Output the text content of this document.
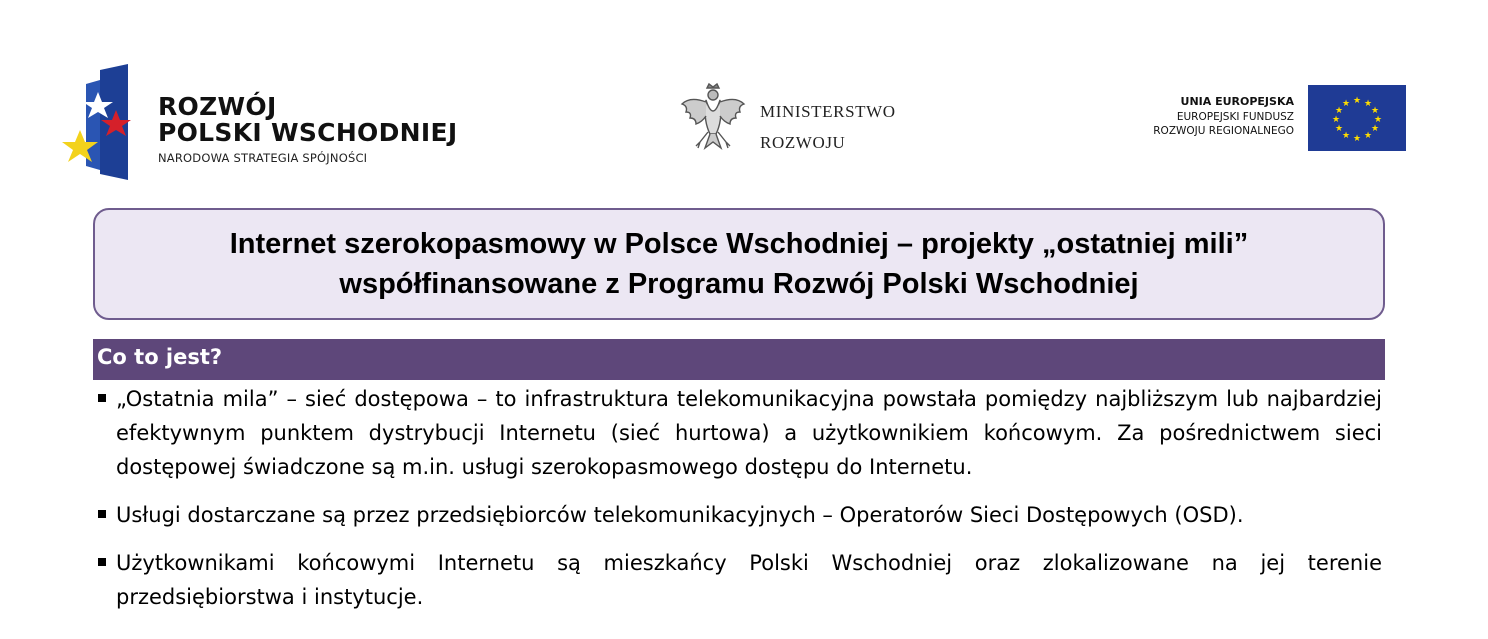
ROZWÓJ
POLSKI WSCHODNIEJ
NARODOWA STRATEGIA SPÓJNOŚCI
MINISTERSTWO
ROZWOJU
UNIA EUROPEJSKA
EUROPEJSKI FUNDUSZ
ROZWOJU REGIONALNEGO
★ ★
★
★
★
★
★
★
★
★
★
★
Internet szerokopasmowy w Polsce Wschodniej – projekty „ostatniej mili”
współfinansowane z Programu Rozwój Polski Wschodniej
Co to jest?
„Ostatnia mila” – sieć dostępowa – to infrastruktura telekomunikacyjna powstała pomiędzy najbliższym lub najbardziej efektywnym punktem dystrybucji Internetu (sieć hurtowa) a użytkownikiem końcowym. Za pośrednictwem sieci dostępowej świadczone są m.in. usługi szerokopasmowego dostępu do Internetu.
Usługi dostarczane są przez przedsiębiorców telekomunikacyjnych – Operatorów Sieci Dostępowych (OSD).
Użytkownikami końcowymi Internetu są mieszkańcy Polski Wschodniej oraz zlokalizowane na jej terenie przedsiębiorstwa i instytucje.
